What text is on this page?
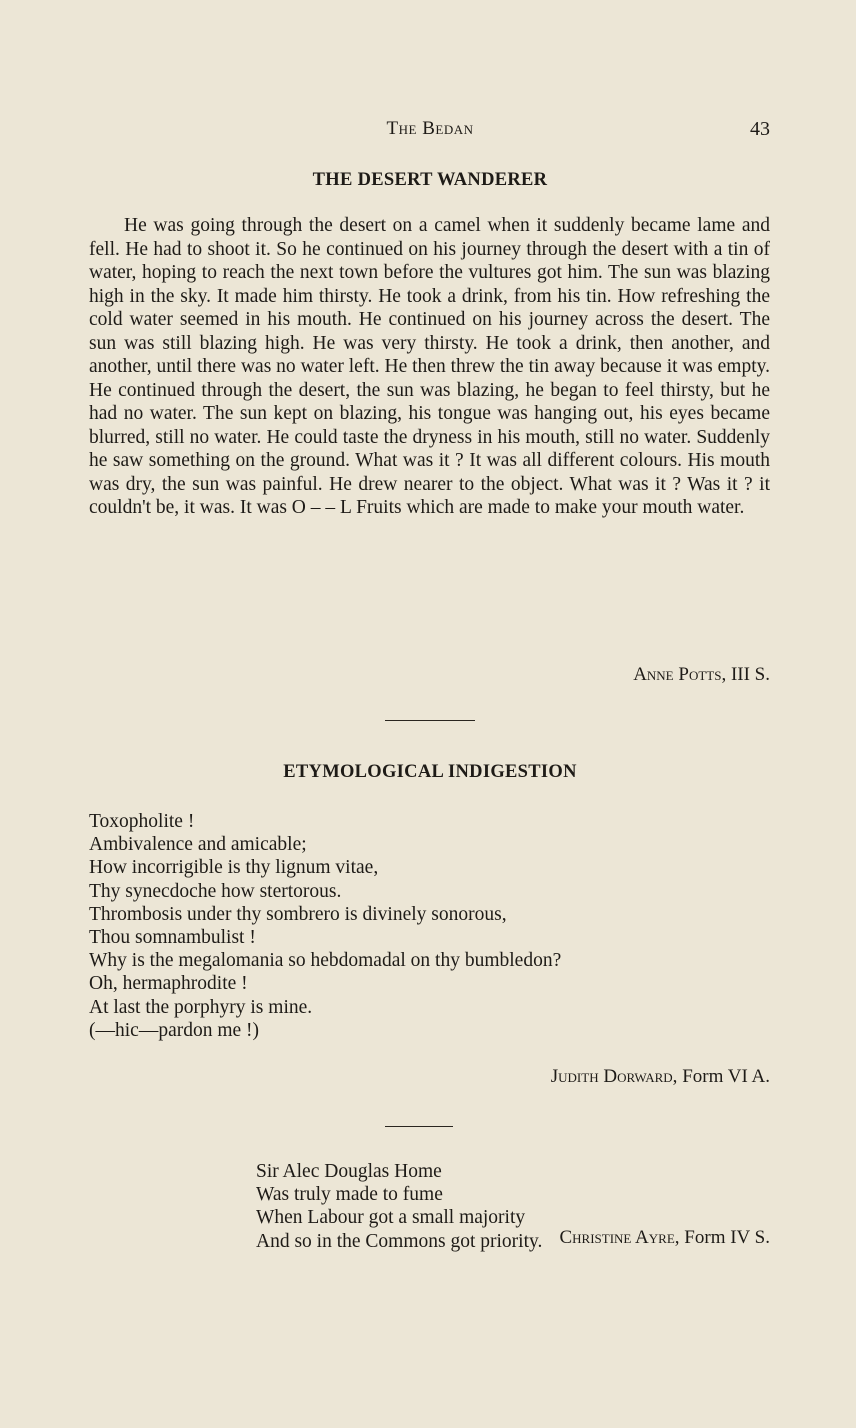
The Bedan	43
THE DESERT WANDERER

He was going through the desert on a camel when it suddenly became lame and fell. He had to shoot it. So he continued on his journey through the desert with a tin of water, hoping to reach the next town before the vultures got him. The sun was blazing high in the sky. It made him thirsty. He took a drink, from his tin. How refreshing the cold water seemed in his mouth. He continued on his journey across the desert. The sun was still blazing high. He was very thirsty. He took a drink, then another, and another, until there was no water left. He then threw the tin away because it was empty. He continued through the desert, the sun was blazing, he began to feel thirsty, but he had no water. The sun kept on blazing, his tongue was hanging out, his eyes became blurred, still no water. He could taste the dryness in his mouth, still no water. Suddenly he saw something on the ground. What was it ? It was all different colours. His mouth was dry, the sun was painful. He drew nearer to the object. What was it ? Was it ? it couldn't be, it was. It was O – – L Fruits which are made to make your mouth water.

Anne Potts, III S.
ETYMOLOGICAL INDIGESTION
Toxopholite !
Ambivalence and amicable;
How incorrigible is thy lignum vitae,
Thy synecdoche how stertorous.
Thrombosis under thy sombrero is divinely sonorous,
Thou somnambulist !
Why is the megalomania so hebdomadal on thy bumbledon?
Oh, hermaphrodite !
At last the porphyry is mine.
(—hic—pardon me !)
Judith Dorward, Form VI A.
Sir Alec Douglas Home
Was truly made to fume
When Labour got a small majority
And so in the Commons got priority. Christine Ayre, Form IV S.
